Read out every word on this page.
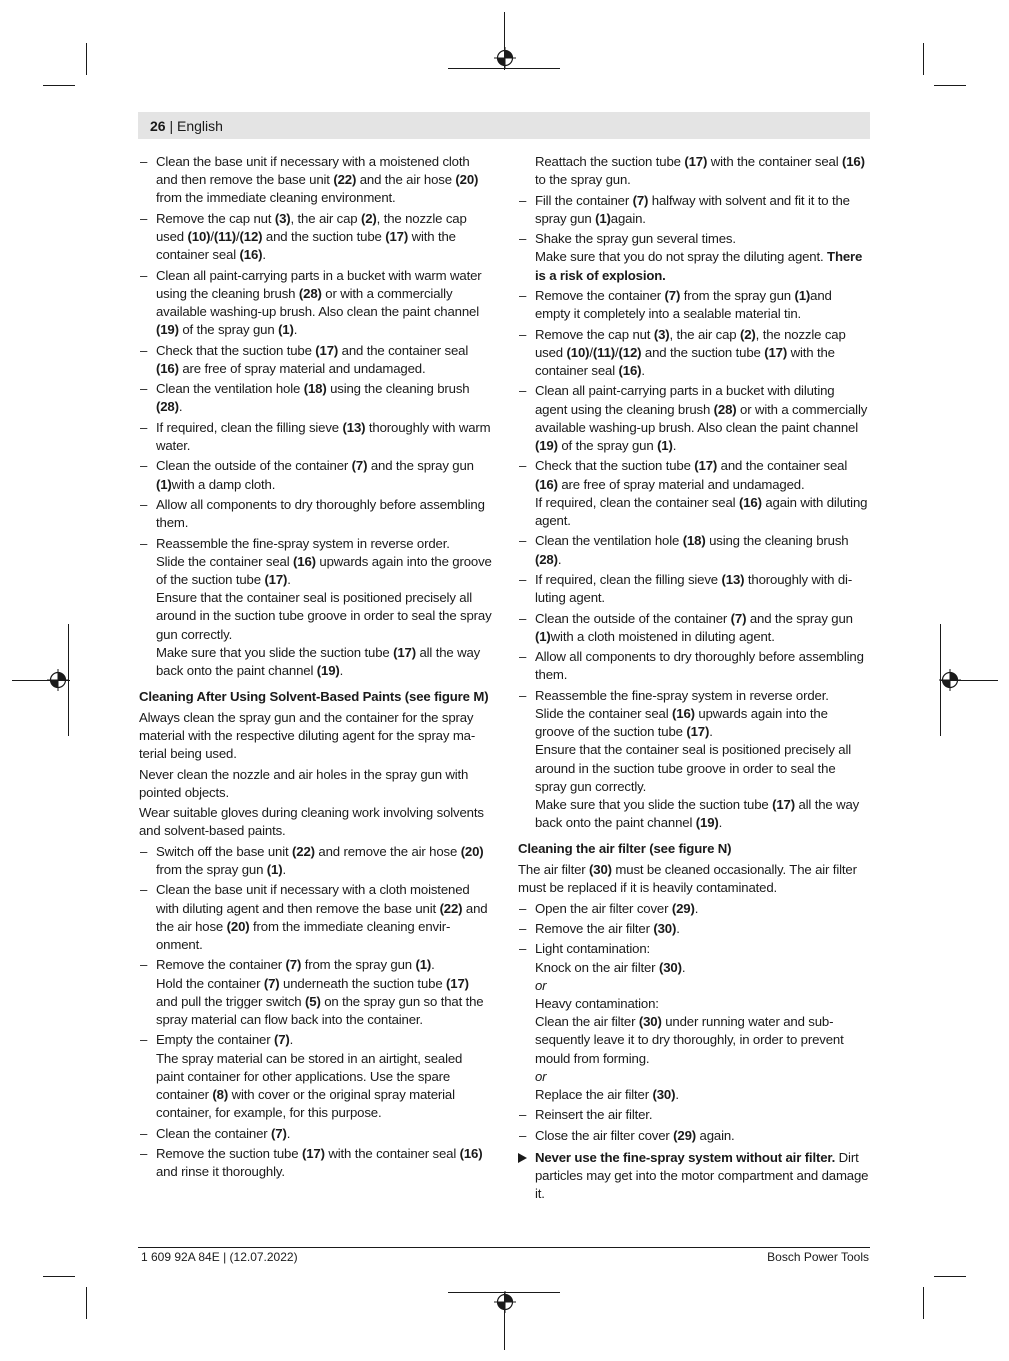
26 | English
– Clean the base unit if necessary with a moistened cloth and then remove the base unit (22) and the air hose (20) from the immediate cleaning environment.
– Remove the cap nut (3), the air cap (2), the nozzle cap used (10)/(11)/(12) and the suction tube (17) with the container seal (16).
– Clean all paint-carrying parts in a bucket with warm water using the cleaning brush (28) or with a commercially available washing-up brush. Also clean the paint channel (19) of the spray gun (1).
– Check that the suction tube (17) and the container seal (16) are free of spray material and undamaged.
– Clean the ventilation hole (18) using the cleaning brush (28).
– If required, clean the filling sieve (13) thoroughly with warm water.
– Clean the outside of the container (7) and the spray gun (1)with a damp cloth.
– Allow all components to dry thoroughly before assembling them.
– Reassemble the fine-spray system in reverse order.
Slide the container seal (16) upwards again into the groove of the suction tube (17).
Ensure that the container seal is positioned precisely all around in the suction tube groove in order to seal the spray gun correctly.
Make sure that you slide the suction tube (17) all the way back onto the paint channel (19).
Cleaning After Using Solvent-Based Paints (see figure M)
Always clean the spray gun and the container for the spray material with the respective diluting agent for the spray material being used.
Never clean the nozzle and air holes in the spray gun with pointed objects.
Wear suitable gloves during cleaning work involving solvents and solvent-based paints.
– Switch off the base unit (22) and remove the air hose (20) from the spray gun (1).
– Clean the base unit if necessary with a cloth moistened with diluting agent and then remove the base unit (22) and the air hose (20) from the immediate cleaning environment.
– Remove the container (7) from the spray gun (1).
Hold the container (7) underneath the suction tube (17) and pull the trigger switch (5) on the spray gun so that the spray material can flow back into the container.
– Empty the container (7).
The spray material can be stored in an airtight, sealed paint container for other applications. Use the spare container (8) with cover or the original spray material container, for example, for this purpose.
– Clean the container (7).
– Remove the suction tube (17) with the container seal (16) and rinse it thoroughly.
Reattach the suction tube (17) with the container seal (16) to the spray gun.
– Fill the container (7) halfway with solvent and fit it to the spray gun (1)again.
– Shake the spray gun several times.
Make sure that you do not spray the diluting agent. There is a risk of explosion.
– Remove the container (7) from the spray gun (1)and empty it completely into a sealable material tin.
– Remove the cap nut (3), the air cap (2), the nozzle cap used (10)/(11)/(12) and the suction tube (17) with the container seal (16).
– Clean all paint-carrying parts in a bucket with diluting agent using the cleaning brush (28) or with a commercially available washing-up brush. Also clean the paint channel (19) of the spray gun (1).
– Check that the suction tube (17) and the container seal (16) are free of spray material and undamaged.
If required, clean the container seal (16) again with diluting agent.
– Clean the ventilation hole (18) using the cleaning brush (28).
– If required, clean the filling sieve (13) thoroughly with diluting agent.
– Clean the outside of the container (7) and the spray gun (1)with a cloth moistened in diluting agent.
– Allow all components to dry thoroughly before assembling them.
– Reassemble the fine-spray system in reverse order.
Slide the container seal (16) upwards again into the groove of the suction tube (17).
Ensure that the container seal is positioned precisely all around in the suction tube groove in order to seal the spray gun correctly.
Make sure that you slide the suction tube (17) all the way back onto the paint channel (19).
Cleaning the air filter (see figure N)
The air filter (30) must be cleaned occasionally. The air filter must be replaced if it is heavily contaminated.
– Open the air filter cover (29).
– Remove the air filter (30).
– Light contamination:
Knock on the air filter (30).
or
Heavy contamination:
Clean the air filter (30) under running water and subsequently leave it to dry thoroughly, in order to prevent mould from forming.
or
Replace the air filter (30).
– Reinsert the air filter.
– Close the air filter cover (29) again.
Never use the fine-spray system without air filter. Dirt particles may get into the motor compartment and damage it.
1 609 92A 84E | (12.07.2022)	Bosch Power Tools
